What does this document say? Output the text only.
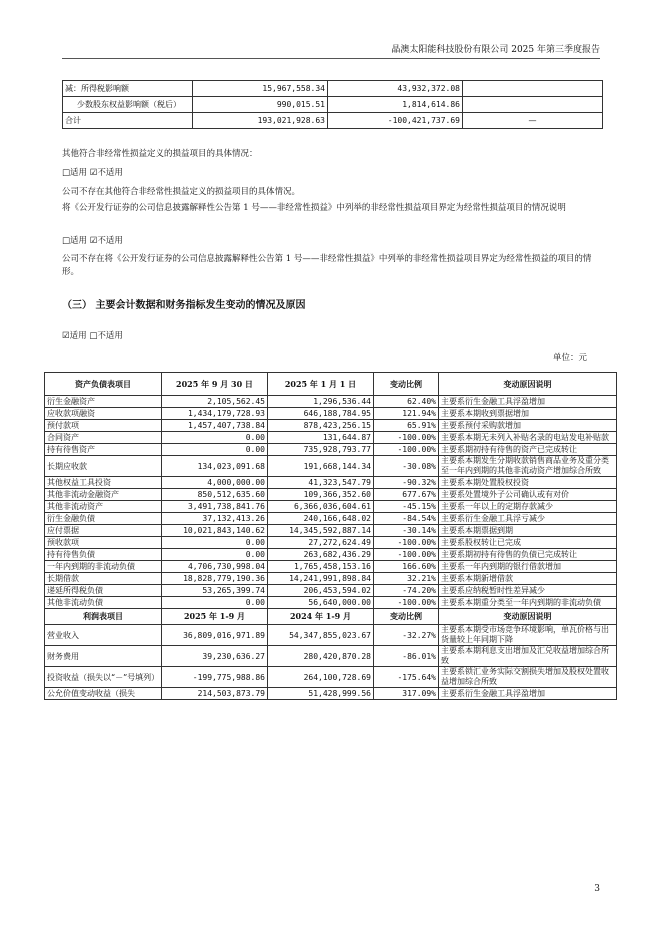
晶澳太阳能科技股份有限公司 2025 年第三季度报告
减：所得税影响额	15,967,558.34	43,932,372.08	
少数股东权益影响额（税后）	990,015.51	1,814,614.86	
合计	193,021,928.63	-100,421,737.69	—
其他符合非经常性损益定义的损益项目的具体情况：
□适用 ☑不适用
公司不存在其他符合非经常性损益定义的损益项目的具体情况。
将《公开发行证券的公司信息披露解释性公告第 1 号——非经常性损益》中列举的非经常性损益项目界定为经常性损益项目的情况说明
□适用 ☑不适用
公司不存在将《公开发行证券的公司信息披露解释性公告第 1 号——非经常性损益》中列举的非经常性损益项目界定为经常性损益的项目的情形。
（三） 主要会计数据和财务指标发生变动的情况及原因
☑适用 □不适用
单位：元
资产负债表项目	2025 年 9 月 30 日	2025 年 1 月 1 日	变动比例	变动原因说明
衍生金融资产	2,105,562.45	1,296,536.44	62.40%	主要系衍生金融工具浮盈增加
应收款项融资	1,434,179,728.93	646,188,784.95	121.94%	主要系本期收到票据增加
预付款项	1,457,407,738.84	878,423,256.15	65.91%	主要系预付采购款增加
合同资产	0.00	131,644.87	-100.00%	主要系本期无未列入补贴名录的电站发电补贴款
持有待售资产	0.00	735,928,793.77	-100.00%	主要系期初持有待售的资产已完成转让
长期应收款	134,023,091.68	191,668,144.34	-30.08%	主要系本期发生分期收款销售商品业务及重分类至一年内到期的其他非流动资产增加综合所致
其他权益工具投资	4,000,000.00	41,323,547.79	-90.32%	主要系本期处置股权投资
其他非流动金融资产	850,512,635.60	109,366,352.60	677.67%	主要系处置境外子公司确认或有对价
其他非流动资产	3,491,738,841.76	6,366,036,604.61	-45.15%	主要系一年以上的定期存款减少
衍生金融负债	37,132,413.26	240,166,648.02	-84.54%	主要系衍生金融工具浮亏减少
应付票据	10,021,843,140.62	14,345,592,887.14	-30.14%	主要系本期票据到期
预收款项	0.00	27,272,624.49	-100.00%	主要系股权转让已完成
持有待售负债	0.00	263,682,436.29	-100.00%	主要系期初持有待售的负债已完成转让
一年内到期的非流动负债	4,706,730,998.04	1,765,458,153.16	166.60%	主要系一年内到期的银行借款增加
长期借款	18,828,779,190.36	14,241,991,898.84	32.21%	主要系本期新增借款
递延所得税负债	53,265,399.74	206,453,594.02	-74.20%	主要系应纳税暂时性差异减少
其他非流动负债	0.00	56,640,000.00	-100.00%	主要系本期重分类至一年内到期的非流动负债
利润表项目	2025 年 1-9 月	2024 年 1-9 月	变动比例	变动原因说明
营业收入	36,809,016,971.89	54,347,855,023.67	-32.27%	主要系本期受市场竞争环境影响，单瓦价格与出货量较上年同期下降
财务费用	39,230,636.27	280,420,870.28	-86.01%	主要系本期利息支出增加及汇兑收益增加综合所致
投资收益（损失以“－”号填列）	-199,775,988.86	264,100,728.69	-175.64%	主要系锁汇业务实际交割损失增加及股权处置收益增加综合所致
公允价值变动收益（损失	214,503,873.79	51,428,999.56	317.09%	主要系衍生金融工具浮盈增加
3
